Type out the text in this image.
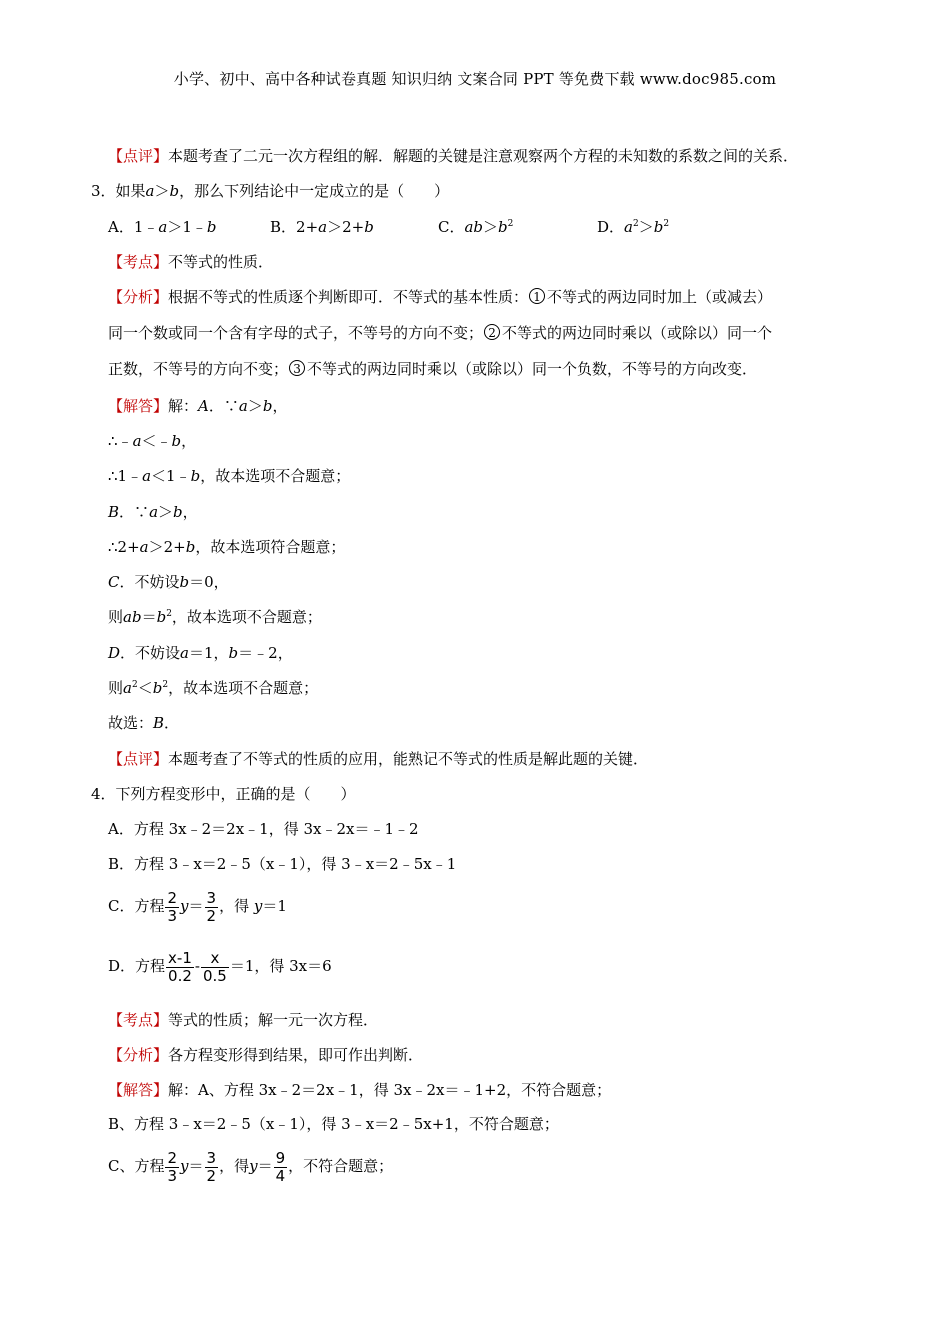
小学、初中、高中各种试卷真题 知识归纳 文案合同 PPT 等免费下载 www.doc985.com
【点评】本题考查了二元一次方程组的解．解题的关键是注意观察两个方程的未知数的系数之间的关系．
3．如果a＞b，那么下列结论中一定成立的是（　　）
A．1﹣a＞1﹣b	B．2+a＞2+b	C．$ab>b^2$	D．$a^2>b^2$
【考点】不等式的性质．
【分析】根据不等式的性质逐个判断即可．不等式的基本性质： 1 不等式的两边同时加上（或减去）
同一个数或同一个含有字母的式子，不等号的方向不变； 2 不等式的两边同时乘以（或除以）同一个
正数，不等号的方向不变； 3 不等式的两边同时乘以（或除以）同一个负数，不等号的方向改变．
【解答】解：A．∵a＞b，
∴﹣a＜﹣b，
∴1﹣a＜1﹣b，故本选项不合题意；
B．∵a＞b，
∴2+a＞2+b，故本选项符合题意；
C．不妨设b＝0，
则$ab=b^2$，故本选项不合题意；
D．不妨设a＝1，b＝﹣2，
则$a^2<b^2$，故本选项不合题意；
故选：B．
【点评】本题考查了不等式的性质的应用，能熟记不等式的性质是解此题的关键．
4．下列方程变形中，正确的是（　　）
A．方程 3x﹣2＝2x﹣1，得 3x﹣2x＝﹣1﹣2
B．方程 3﹣x＝2﹣5（x﹣1），得 3﹣x＝2﹣5x﹣1
C．方程 $\frac{2}{3} y= \frac{3}{2}$ ，得 y＝1
D．方程 $\frac{x-1}{0.2} - \frac{x}{0.5} =1$，得 3x＝6
【考点】等式的性质；解一元一次方程．
【分析】各方程变形得到结果，即可作出判断．
【解答】解：A、方程 3x﹣2＝2x﹣1，得 3x﹣2x＝﹣1+2，不符合题意；
B、方程 3﹣x＝2﹣5（x﹣1），得 3﹣x＝2﹣5x+1，不符合题意；
C、方程 $\frac{2}{3} y= \frac{3}{2}$ ，得$y= \frac{9}{4}$ ，不符合题意；
